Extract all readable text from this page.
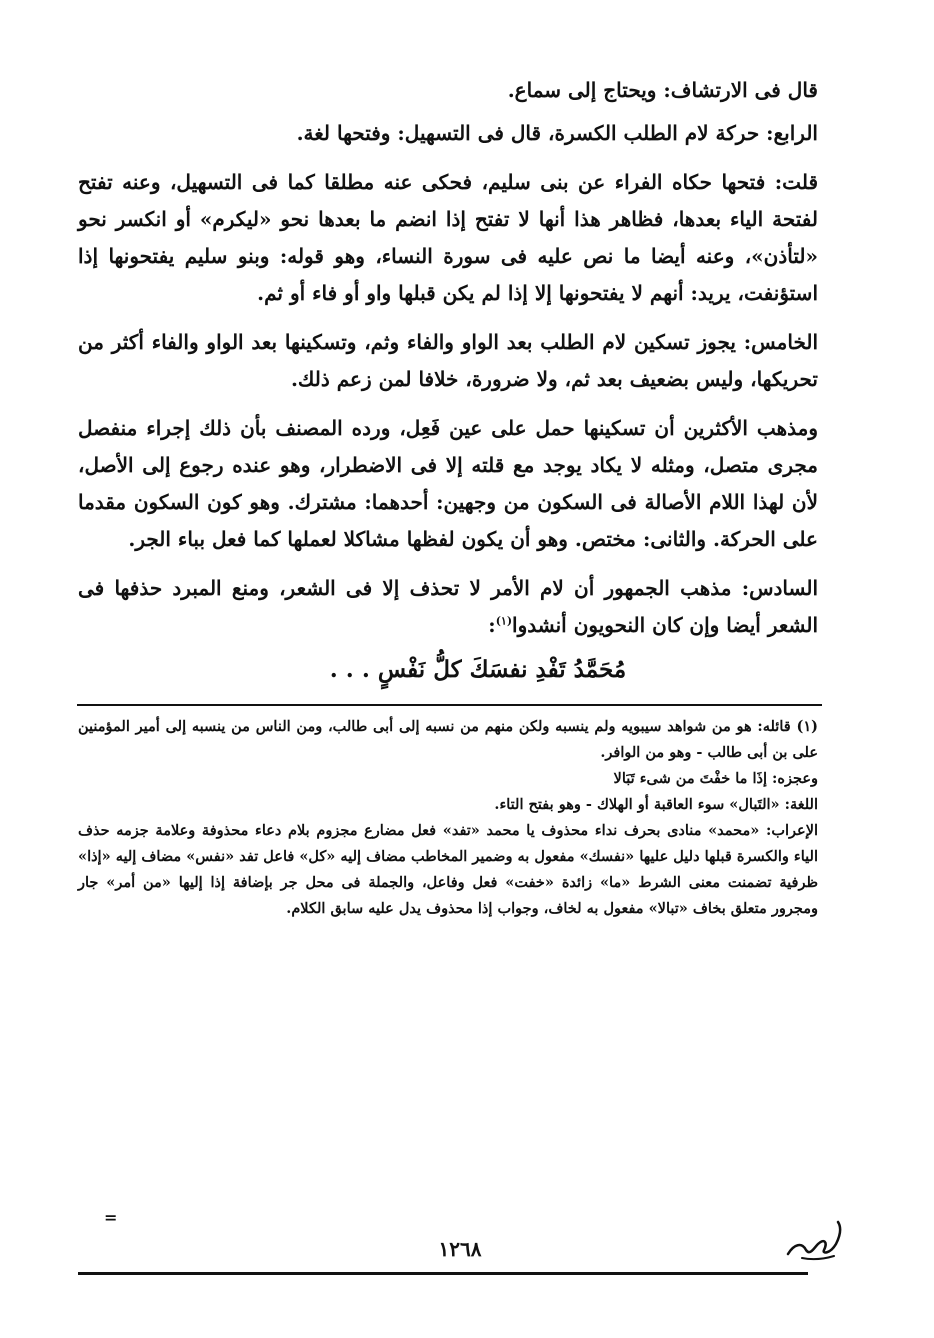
قال فى الارتشاف: ويحتاج إلى سماع.

الرابع: حركة لام الطلب الكسرة، قال فى التسهيل: وفتحها لغة.

قلت: فتحها حكاه الفراء عن بنى سليم، فحكى عنه مطلقا كما فى التسهيل، وعنه تفتح لفتحة الياء بعدها، فظاهر هذا أنها لا تفتح إذا انضم ما بعدها نحو «ليكرم» أو انكسر نحو «لتأذن»، وعنه أيضا ما نص عليه فى سورة النساء، وهو قوله: وبنو سليم يفتحونها إذا استؤنفت، يريد: أنهم لا يفتحونها إلا إذا لم يكن قبلها واو أو فاء أو ثم.

الخامس: يجوز تسكين لام الطلب بعد الواو والفاء وثم، وتسكينها بعد الواو والفاء أكثر من تحريكها، وليس بضعيف بعد ثم، ولا ضرورة، خلافا لمن زعم ذلك.

ومذهب الأكثرين أن تسكينها حمل على عين فَعِل، ورده المصنف بأن ذلك إجراء منفصل مجرى متصل، ومثله لا يكاد يوجد مع قلته إلا فى الاضطرار، وهو عنده رجوع إلى الأصل، لأن لهذا اللام الأصالة فى السكون من وجهين: أحدهما: مشترك. وهو كون السكون مقدما على الحركة. والثانى: مختص. وهو أن يكون لفظها مشاكلا لعملها كما فعل بباء الجر.

السادس: مذهب الجمهور أن لام الأمر لا تحذف إلا فى الشعر، ومنع المبرد حذفها فى الشعر أيضا وإن كان النحويون أنشدوا$^{(١)}$:

مُحَمَّدُ تَفْدِ نفسَكَ كلُّ نَفْسٍ . . .

(١) قائله: هو من شواهد سيبويه ولم ينسبه ولكن منهم من نسبه إلى أبى طالب، ومن الناس من ينسبه إلى أمير المؤمنين على بن أبى طالب - وهو من الوافر.

وعجزه: إذَا ما خفْتَ من شىء تَبَالا

اللغة: «التَبال» سوء العاقبة أو الهلاك - وهو بفتح التاء.

الإعراب: «محمد» منادى بحرف نداء محذوف يا محمد «تفد» فعل مضارع مجزوم بلام دعاء محذوفة وعلامة جزمه حذف الياء والكسرة قبلها دليل عليها «نفسك» مفعول به وضمير المخاطب مضاف إليه «كل» فاعل تفد «نفس» مضاف إليه «إذا» ظرفية تضمنت معنى الشرط «ما» زائدة «خفت» فعل وفاعل، والجملة فى محل جر بإضافة إذا إليها «من أمر» جار ومجرور متعلق بخاف «تبالا» مفعول به لخاف، وجواب إذا محذوف يدل عليه سابق الكلام.

=
١٢٦٨
